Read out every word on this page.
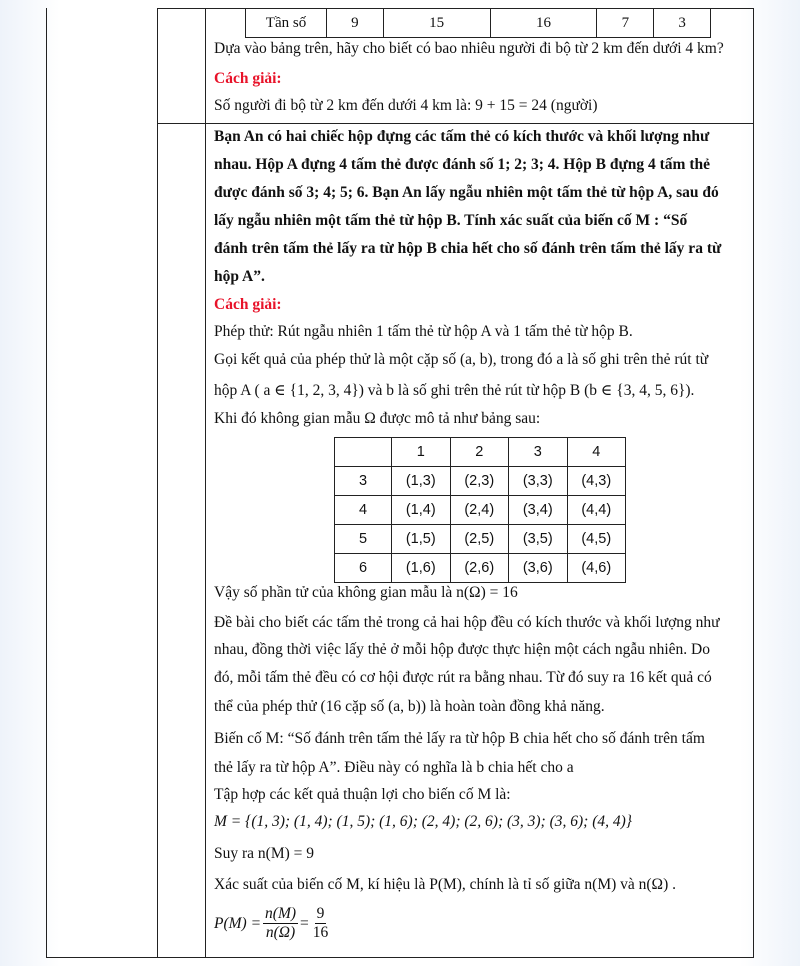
Tần số	9	15	16	7	3
Dựa vào bảng trên, hãy cho biết có bao nhiêu người đi bộ từ 2 km đến dưới 4 km?
Cách giải:
Số người đi bộ từ 2 km đến dưới 4 km là: 9 + 15 = 24 (người)
Bạn An có hai chiếc hộp đựng các tấm thẻ có kích thước và khối lượng như
nhau. Hộp A đựng 4 tấm thẻ được đánh số 1; 2; 3; 4. Hộp B đựng 4 tấm thẻ
được đánh số 3; 4; 5; 6. Bạn An lấy ngẫu nhiên một tấm thẻ từ hộp A, sau đó
lấy ngẫu nhiên một tấm thẻ từ hộp B. Tính xác suất của biến cố M : “Số
đánh trên tấm thẻ lấy ra từ hộp B chia hết cho số đánh trên tấm thẻ lấy ra từ
hộp A”.
Cách giải:
Phép thử: Rút ngẫu nhiên 1 tấm thẻ từ hộp A và 1 tấm thẻ từ hộp B.
Gọi kết quả của phép thử là một cặp số (a, b), trong đó a là số ghi trên thẻ rút từ
hộp A ( a ∈ {1, 2, 3, 4}) và b là số ghi trên thẻ rút từ hộp B (b ∈ {3, 4, 5, 6}).
Khi đó không gian mẫu Ω được mô tả như bảng sau:
	1	2	3	4
3	(1,3)	(2,3)	(3,3)	(4,3)
4	(1,4)	(2,4)	(3,4)	(4,4)
5	(1,5)	(2,5)	(3,5)	(4,5)
6	(1,6)	(2,6)	(3,6)	(4,6)
Vậy số phần tử của không gian mẫu là n(Ω) = 16
Đề bài cho biết các tấm thẻ trong cả hai hộp đều có kích thước và khối lượng như
nhau, đồng thời việc lấy thẻ ở mỗi hộp được thực hiện một cách ngẫu nhiên. Do
đó, mỗi tấm thẻ đều có cơ hội được rút ra bằng nhau. Từ đó suy ra 16 kết quả có
thể của phép thử (16 cặp số (a, b)) là hoàn toàn đồng khả năng.
Biến cố M: “Số đánh trên tấm thẻ lấy ra từ hộp B chia hết cho số đánh trên tấm
thẻ lấy ra từ hộp A”. Điều này có nghĩa là b chia hết cho a
Tập hợp các kết quả thuận lợi cho biến cố M là:
M = {(1, 3); (1, 4); (1, 5); (1, 6); (2, 4); (2, 6); (3, 3); (3, 6); (4, 4)}
Suy ra n(M) = 9
Xác suất của biến cố M, kí hiệu là P(M), chính là tỉ số giữa n(M) và n(Ω) .
$P(M) = \frac{n(M)}{n(\Omega)} = \frac{9}{16}$
